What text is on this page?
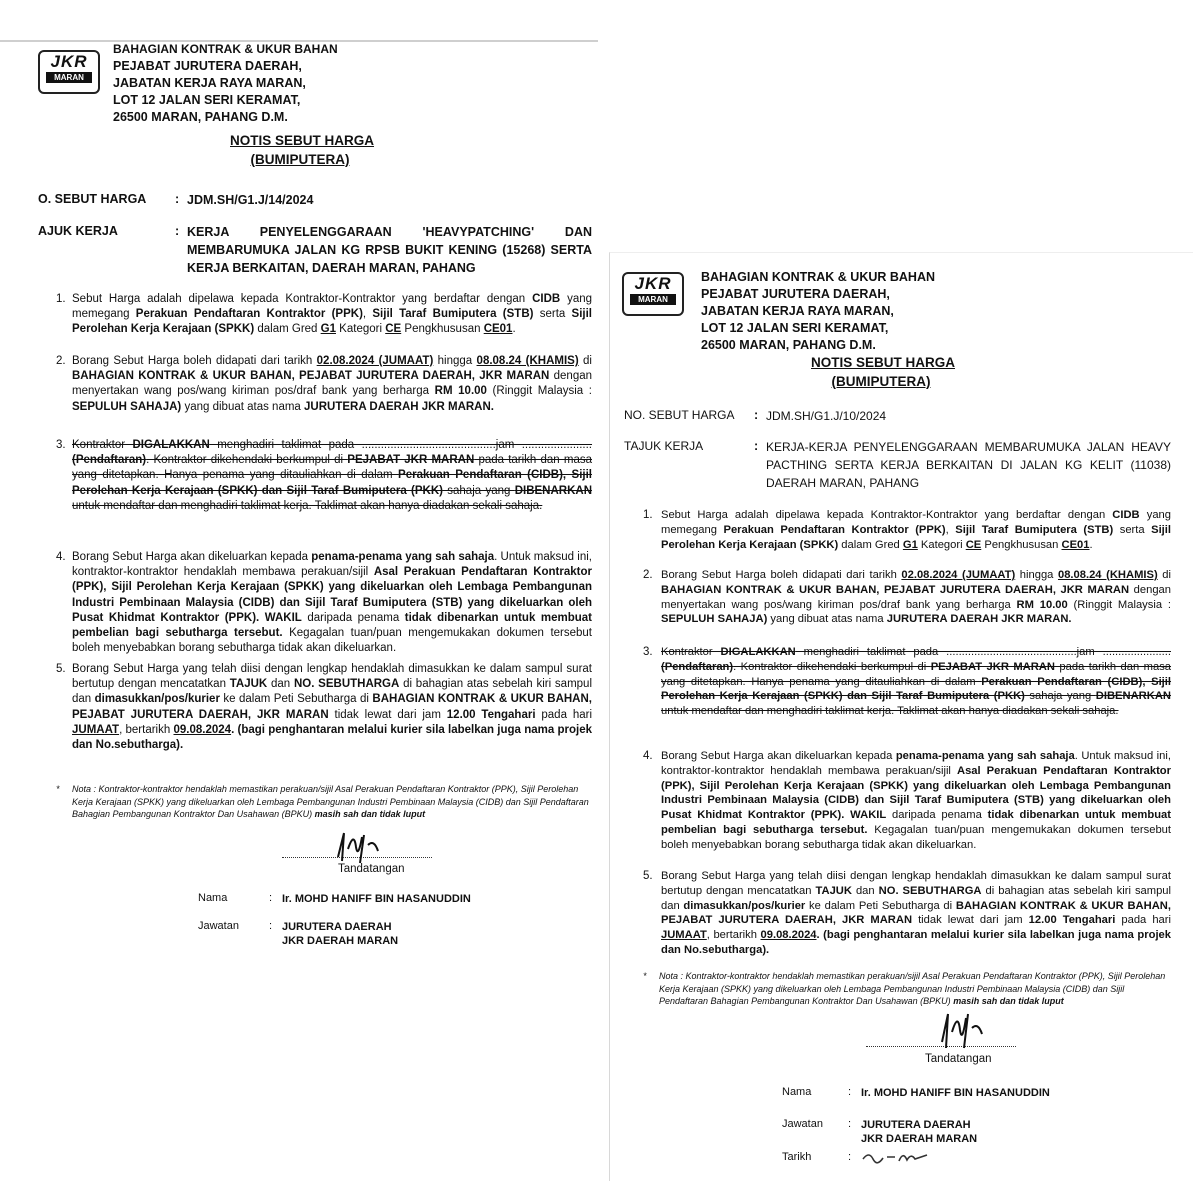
JKR
MARAN
BAHAGIAN KONTRAK & UKUR BAHAN
PEJABAT JURUTERA DAERAH,
JABATAN KERJA RAYA MARAN,
LOT 12 JALAN SERI KERAMAT,
26500 MARAN, PAHANG D.M.
NOTIS SEBUT HARGA
(BUMIPUTERA)
O. SEBUT HARGA : JDM.SH/G1.J/14/2024
AJUK KERJA	: KERJA PENYELENGGARAAN 'HEAVYPATCHING' DAN MEMBARUMUKA JALAN KG RPSB BUKIT KENING (15268) SERTA KERJA BERKAITAN, DAERAH MARAN, PAHANG
1. Sebut Harga adalah dipelawa kepada Kontraktor-Kontraktor yang berdaftar dengan CIDB yang memegang Perakuan Pendaftaran Kontraktor (PPK), Sijil Taraf Bumiputera (STB) serta Sijil Perolehan Kerja Kerajaan (SPKK) dalam Gred G1 Kategori CE Pengkhususan CE01.
2. Borang Sebut Harga boleh didapati dari tarikh 02.08.2024 (JUMAAT) hingga 08.08.24 (KHAMIS) di BAHAGIAN KONTRAK & UKUR BAHAN, PEJABAT JURUTERA DAERAH, JKR MARAN dengan menyertakan wang pos/wang kiriman pos/draf bank yang berharga RM 10.00 (Ringgit Malaysia : SEPULUH SAHAJA) yang dibuat atas nama JURUTERA DAERAH JKR MARAN.
3. Kontraktor DIGALAKKAN menghadiri taklimat pada ..........................................jam ......................(Pendaftaran). Kontraktor dikehendaki berkumpul di PEJABAT JKR MARAN pada tarikh dan masa yang ditetapkan. Hanya penama yang ditauliahkan di dalam Perakuan Pendaftaran (CIDB), Sijil Perolehan Kerja Kerajaan (SPKK) dan Sijil Taraf Bumiputera (PKK) sahaja yang DIBENARKAN untuk mendaftar dan menghadiri taklimat kerja. Taklimat akan hanya diadakan sekali sahaja.
4. Borang Sebut Harga akan dikeluarkan kepada penama-penama yang sah sahaja. Untuk maksud ini, kontraktor-kontraktor hendaklah membawa perakuan/sijil Asal Perakuan Pendaftaran Kontraktor (PPK), Sijil Perolehan Kerja Kerajaan (SPKK) yang dikeluarkan oleh Lembaga Pembangunan Industri Pembinaan Malaysia (CIDB) dan Sijil Taraf Bumiputera (STB) yang dikeluarkan oleh Pusat Khidmat Kontraktor (PPK). WAKIL daripada penama tidak dibenarkan untuk membuat pembelian bagi sebutharga tersebut. Kegagalan tuan/puan mengemukakan dokumen tersebut boleh menyebabkan borang sebutharga tidak akan dikeluarkan.
5. Borang Sebut Harga yang telah diisi dengan lengkap hendaklah dimasukkan ke dalam sampul surat bertutup dengan mencatatkan TAJUK dan NO. SEBUTHARGA di bahagian atas sebelah kiri sampul dan dimasukkan/pos/kurier ke dalam Peti Sebutharga di BAHAGIAN KONTRAK & UKUR BAHAN, PEJABAT JURUTERA DAERAH, JKR MARAN tidak lewat dari jam 12.00 Tengahari pada hari JUMAAT, bertarikh 09.08.2024. (bagi penghantaran melalui kurier sila labelkan juga nama projek dan No.sebutharga).
* Nota : Kontraktor-kontraktor hendaklah memastikan perakuan/sijil Asal Perakuan Pendaftaran Kontraktor (PPK), Sijil Perolehan Kerja Kerajaan (SPKK) yang dikeluarkan oleh Lembaga Pembangunan Industri Pembinaan Malaysia (CIDB) dan Sijil Pendaftaran Bahagian Pembangunan Kontraktor Dan Usahawan (BPKU) masih sah dan tidak luput
Tandatangan
Nama	: Ir. MOHD HANIFF BIN HASANUDDIN
Jawatan	: JURUTERA DAERAH
JKR DAERAH MARAN
JKR
MARAN
BAHAGIAN KONTRAK & UKUR BAHAN
PEJABAT JURUTERA DAERAH,
JABATAN KERJA RAYA MARAN,
LOT 12 JALAN SERI KERAMAT,
26500 MARAN, PAHANG D.M.
NOTIS SEBUT HARGA
(BUMIPUTERA)
NO. SEBUT HARGA : JDM.SH/G1.J/10/2024
TAJUK KERJA	: KERJA-KERJA PENYELENGGARAAN MEMBARUMUKA JALAN HEAVY PACTHING SERTA KERJA BERKAITAN DI JALAN KG KELIT (11038) DAERAH MARAN, PAHANG
1. Sebut Harga adalah dipelawa kepada Kontraktor-Kontraktor yang berdaftar dengan CIDB yang memegang Perakuan Pendaftaran Kontraktor (PPK), Sijil Taraf Bumiputera (STB) serta Sijil Perolehan Kerja Kerajaan (SPKK) dalam Gred G1 Kategori CE Pengkhususan CE01.
2. Borang Sebut Harga boleh didapati dari tarikh 02.08.2024 (JUMAAT) hingga 08.08.24 (KHAMIS) di BAHAGIAN KONTRAK & UKUR BAHAN, PEJABAT JURUTERA DAERAH, JKR MARAN dengan menyertakan wang pos/wang kiriman pos/draf bank yang berharga RM 10.00 (Ringgit Malaysia : SEPULUH SAHAJA) yang dibuat atas nama JURUTERA DAERAH JKR MARAN.
3. Kontraktor DIGALAKKAN menghadiri taklimat pada ..........................................jam ......................(Pendaftaran). Kontraktor dikehendaki berkumpul di PEJABAT JKR MARAN pada tarikh dan masa yang ditetapkan. Hanya penama yang ditauliahkan di dalam Perakuan Pendaftaran (CIDB), Sijil Perolehan Kerja Kerajaan (SPKK) dan Sijil Taraf Bumiputera (PKK) sahaja yang DIBENARKAN untuk mendaftar dan menghadiri taklimat kerja. Taklimat akan hanya diadakan sekali sahaja.
4. Borang Sebut Harga akan dikeluarkan kepada penama-penama yang sah sahaja. Untuk maksud ini, kontraktor-kontraktor hendaklah membawa perakuan/sijil Asal Perakuan Pendaftaran Kontraktor (PPK), Sijil Perolehan Kerja Kerajaan (SPKK) yang dikeluarkan oleh Lembaga Pembangunan Industri Pembinaan Malaysia (CIDB) dan Sijil Taraf Bumiputera (STB) yang dikeluarkan oleh Pusat Khidmat Kontraktor (PPK). WAKIL daripada penama tidak dibenarkan untuk membuat pembelian bagi sebutharga tersebut. Kegagalan tuan/puan mengemukakan dokumen tersebut boleh menyebabkan borang sebutharga tidak akan dikeluarkan.
5. Borang Sebut Harga yang telah diisi dengan lengkap hendaklah dimasukkan ke dalam sampul surat bertutup dengan mencatatkan TAJUK dan NO. SEBUTHARGA di bahagian atas sebelah kiri sampul dan dimasukkan/pos/kurier ke dalam Peti Sebutharga di BAHAGIAN KONTRAK & UKUR BAHAN, PEJABAT JURUTERA DAERAH, JKR MARAN tidak lewat dari jam 12.00 Tengahari pada hari JUMAAT, bertarikh 09.08.2024. (bagi penghantaran melalui kurier sila labelkan juga nama projek dan No.sebutharga).
* Nota : Kontraktor-kontraktor hendaklah memastikan perakuan/sijil Asal Perakuan Pendaftaran Kontraktor (PPK), Sijil Perolehan Kerja Kerajaan (SPKK) yang dikeluarkan oleh Lembaga Pembangunan Industri Pembinaan Malaysia (CIDB) dan Sijil Pendaftaran Bahagian Pembangunan Kontraktor Dan Usahawan (BPKU) masih sah dan tidak luput
Tandatangan
Nama	: Ir. MOHD HANIFF BIN HASANUDDIN
Jawatan : JURUTERA DAERAH
JKR DAERAH MARAN
Tarikh	:
